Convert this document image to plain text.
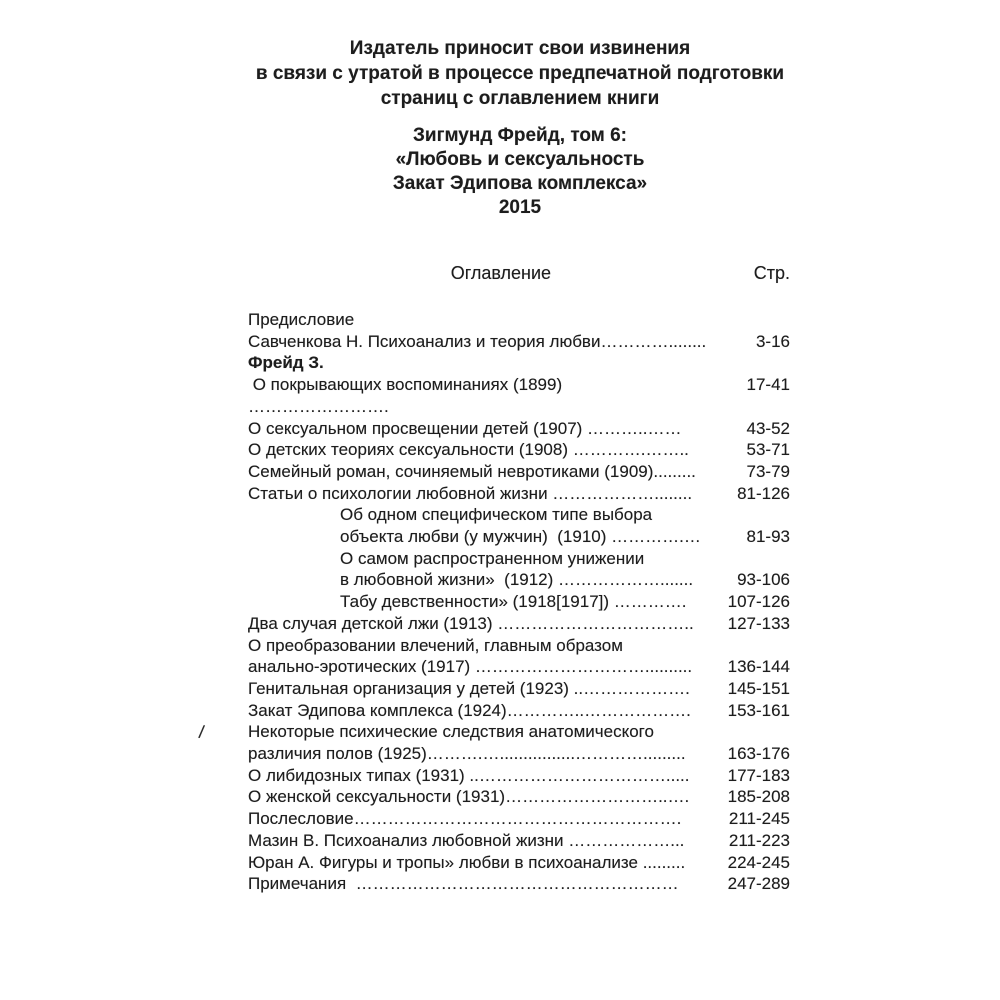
Издатель приносит свои извинения
в связи с утратой в процессе предпечатной подготовки
страниц с оглавлением книги
Зигмунд Фрейд, том 6:
«Любовь и сексуальность
Закат Эдипова комплекса»
2015
Оглавление	Стр.
Предисловие
Савченкова Н. Психоанализ и теория любви…………........	3-16
Фрейд З.
О покрывающих воспоминаниях (1899)	17-41
…………………….
О сексуальном просвещении детей (1907) ………..……	43-52
О детских теориях сексуальности (1908) ………….……..	53-71
Семейный роман, сочиняемый невротиками (1909).........	73-79
Статьи о психологии любовной жизни ………………........	81-126
Об одном специфическом типе выбора
объекта любви (у мужчин)  (1910) ………….…	81-93
О самом распространенном унижении
в любовной жизни»  (1912) ……………….......	93-106
Табу девственности» (1918[1917]) ………….	107-126
Два случая детской лжи (1913) ……………………………..	127-133
О преобразовании влечений, главным образом
анально-эротических (1917) …………………………..........	136-144
Генитальная организация у детей (1923) ..……………….	145-151
Закат Эдипова комплекса (1924)…………..……………….	153-161
Некоторые психические следствия анатомического
различия полов (1925)……….…................………….........	163-176
О либидозных типах (1931) ..…………………………….....	177-183
О женской сексуальности (1931)………………………..….	185-208
Послесловие………………………………………………….	211-245
Мазин В. Психоанализ любовной жизни ………………...	211-223
Юран А. Фигуры и тропы» любви в психоанализе .........	224-245
Примечания  …………………………………………………	247-289
/
